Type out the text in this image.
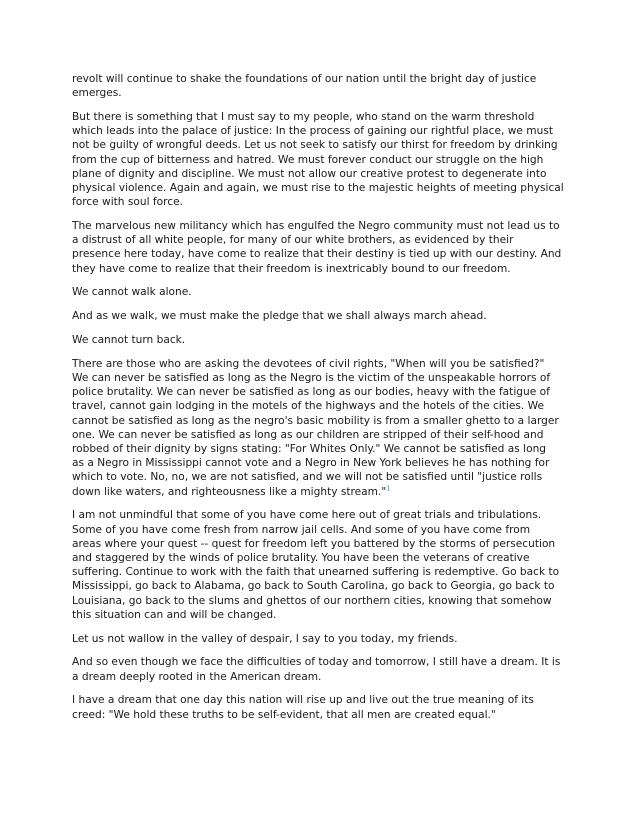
revolt will continue to shake the foundations of our nation until the bright day of justice
emerges.

But there is something that I must say to my people, who stand on the warm threshold
which leads into the palace of justice: In the process of gaining our rightful place, we must
not be guilty of wrongful deeds. Let us not seek to satisfy our thirst for freedom by drinking
from the cup of bitterness and hatred. We must forever conduct our struggle on the high
plane of dignity and discipline. We must not allow our creative protest to degenerate into
physical violence. Again and again, we must rise to the majestic heights of meeting physical
force with soul force.

The marvelous new militancy which has engulfed the Negro community must not lead us to
a distrust of all white people, for many of our white brothers, as evidenced by their
presence here today, have come to realize that their destiny is tied up with our destiny. And
they have come to realize that their freedom is inextricably bound to our freedom.

We cannot walk alone.

And as we walk, we must make the pledge that we shall always march ahead.

We cannot turn back.

There are those who are asking the devotees of civil rights, "When will you be satisfied?"
We can never be satisfied as long as the Negro is the victim of the unspeakable horrors of
police brutality. We can never be satisfied as long as our bodies, heavy with the fatigue of
travel, cannot gain lodging in the motels of the highways and the hotels of the cities. We
cannot be satisfied as long as the negro's basic mobility is from a smaller ghetto to a larger
one. We can never be satisfied as long as our children are stripped of their self-hood and
robbed of their dignity by signs stating: "For Whites Only." We cannot be satisfied as long
as a Negro in Mississippi cannot vote and a Negro in New York believes he has nothing for
which to vote. No, no, we are not satisfied, and we will not be satisfied until "justice rolls
down like waters, and righteousness like a mighty stream."$^1$

I am not unmindful that some of you have come here out of great trials and tribulations.
Some of you have come fresh from narrow jail cells. And some of you have come from
areas where your quest -- quest for freedom left you battered by the storms of persecution
and staggered by the winds of police brutality. You have been the veterans of creative
suffering. Continue to work with the faith that unearned suffering is redemptive. Go back to
Mississippi, go back to Alabama, go back to South Carolina, go back to Georgia, go back to
Louisiana, go back to the slums and ghettos of our northern cities, knowing that somehow
this situation can and will be changed.

Let us not wallow in the valley of despair, I say to you today, my friends.

And so even though we face the difficulties of today and tomorrow, I still have a dream. It is
a dream deeply rooted in the American dream.

I have a dream that one day this nation will rise up and live out the true meaning of its
creed: "We hold these truths to be self-evident, that all men are created equal."
